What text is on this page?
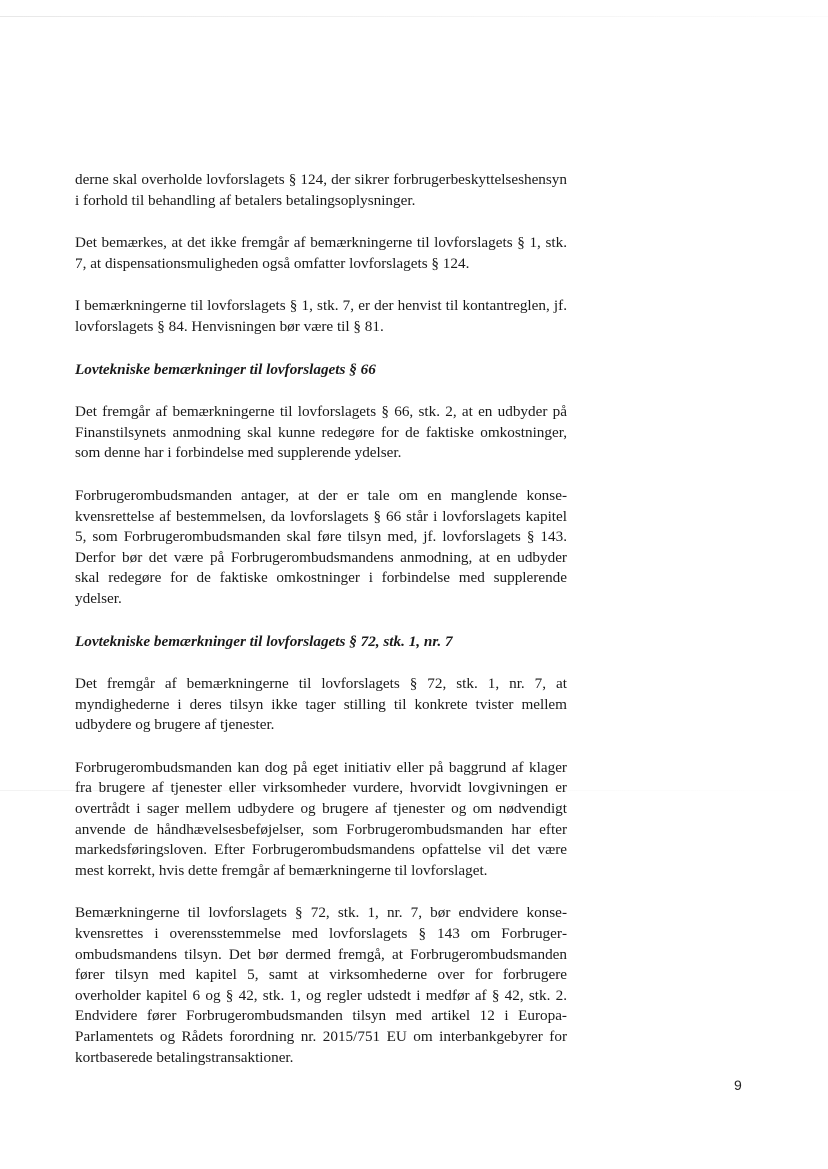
derne skal overholde lovforslagets § 124, der sikrer forbrugerbeskyttelseshensyn i forhold til behandling af betalers betalingsoplysninger.

Det bemærkes, at det ikke fremgår af bemærkningerne til lovforslagets § 1, stk. 7, at dispensationsmuligheden også omfatter lovforslagets § 124.

I bemærkningerne til lovforslagets § 1, stk. 7, er der henvist til kontantreglen, jf. lovforslagets § 84. Henvisningen bør være til § 81.

Lovtekniske bemærkninger til lovforslagets § 66

Det fremgår af bemærkningerne til lovforslagets § 66, stk. 2, at en udbyder på Finanstilsynets anmodning skal kunne redegøre for de faktiske omkostninger, som denne har i forbindelse med supplerende ydelser.

Forbrugerombudsmanden antager, at der er tale om en manglende konsekvensrettelse af bestemmelsen, da lovforslagets § 66 står i lovforslagets kapitel 5, som Forbrugerombudsmanden skal føre tilsyn med, jf. lovforslagets § 143. Derfor bør det være på Forbrugerombudsmandens anmodning, at en udbyder skal redegøre for de faktiske omkostninger i forbindelse med supplerende ydelser.

Lovtekniske bemærkninger til lovforslagets § 72, stk. 1, nr. 7

Det fremgår af bemærkningerne til lovforslagets § 72, stk. 1, nr. 7, at myndighederne i deres tilsyn ikke tager stilling til konkrete tvister mellem udbydere og brugere af tjenester.

Forbrugerombudsmanden kan dog på eget initiativ eller på baggrund af klager fra brugere af tjenester eller virksomheder vurdere, hvorvidt lovgivningen er overtrådt i sager mellem udbydere og brugere af tjenester og om nødvendigt anvende de håndhævelsesbeføjelser, som Forbrugerombudsmanden har efter markedsføringsloven. Efter Forbrugerombudsmandens opfattelse vil det være mest korrekt, hvis dette fremgår af bemærkningerne til lovforslaget.

Bemærkningerne til lovforslagets § 72, stk. 1, nr. 7, bør endvidere konsekvensrettes i overensstemmelse med lovforslagets § 143 om Forbrugerombudsmandens tilsyn. Det bør dermed fremgå, at Forbrugerombudsmanden fører tilsyn med kapitel 5, samt at virksomhederne over for forbrugere overholder kapitel 6 og § 42, stk. 1, og regler udstedt i medfør af § 42, stk. 2. Endvidere fører Forbrugerombudsmanden tilsyn med artikel 12 i Europa-Parlamentets og Rådets forordning nr. 2015/751 EU om interbankgebyrer for kortbaserede betalingstransaktioner.

9
